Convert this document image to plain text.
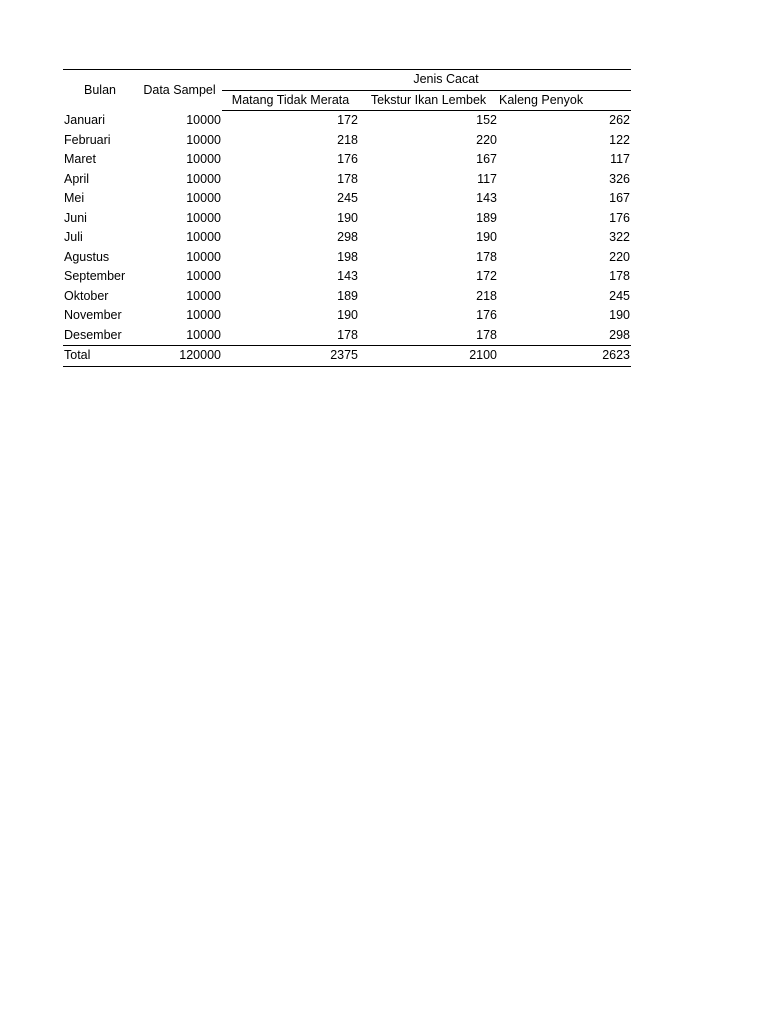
Bulan	Data Sampel	Jenis Cacat		
		Matang Tidak Merata	Tekstur Ikan Lembek	Kaleng Penyok
Januari	10000	172	152	262
Februari	10000	218	220	122
Maret	10000	176	167	117
April	10000	178	117	326
Mei	10000	245	143	167
Juni	10000	190	189	176
Juli	10000	298	190	322
Agustus	10000	198	178	220
September	10000	143	172	178
Oktober	10000	189	218	245
November	10000	190	176	190
Desember	10000	178	178	298
Total	120000	2375	2100	2623
